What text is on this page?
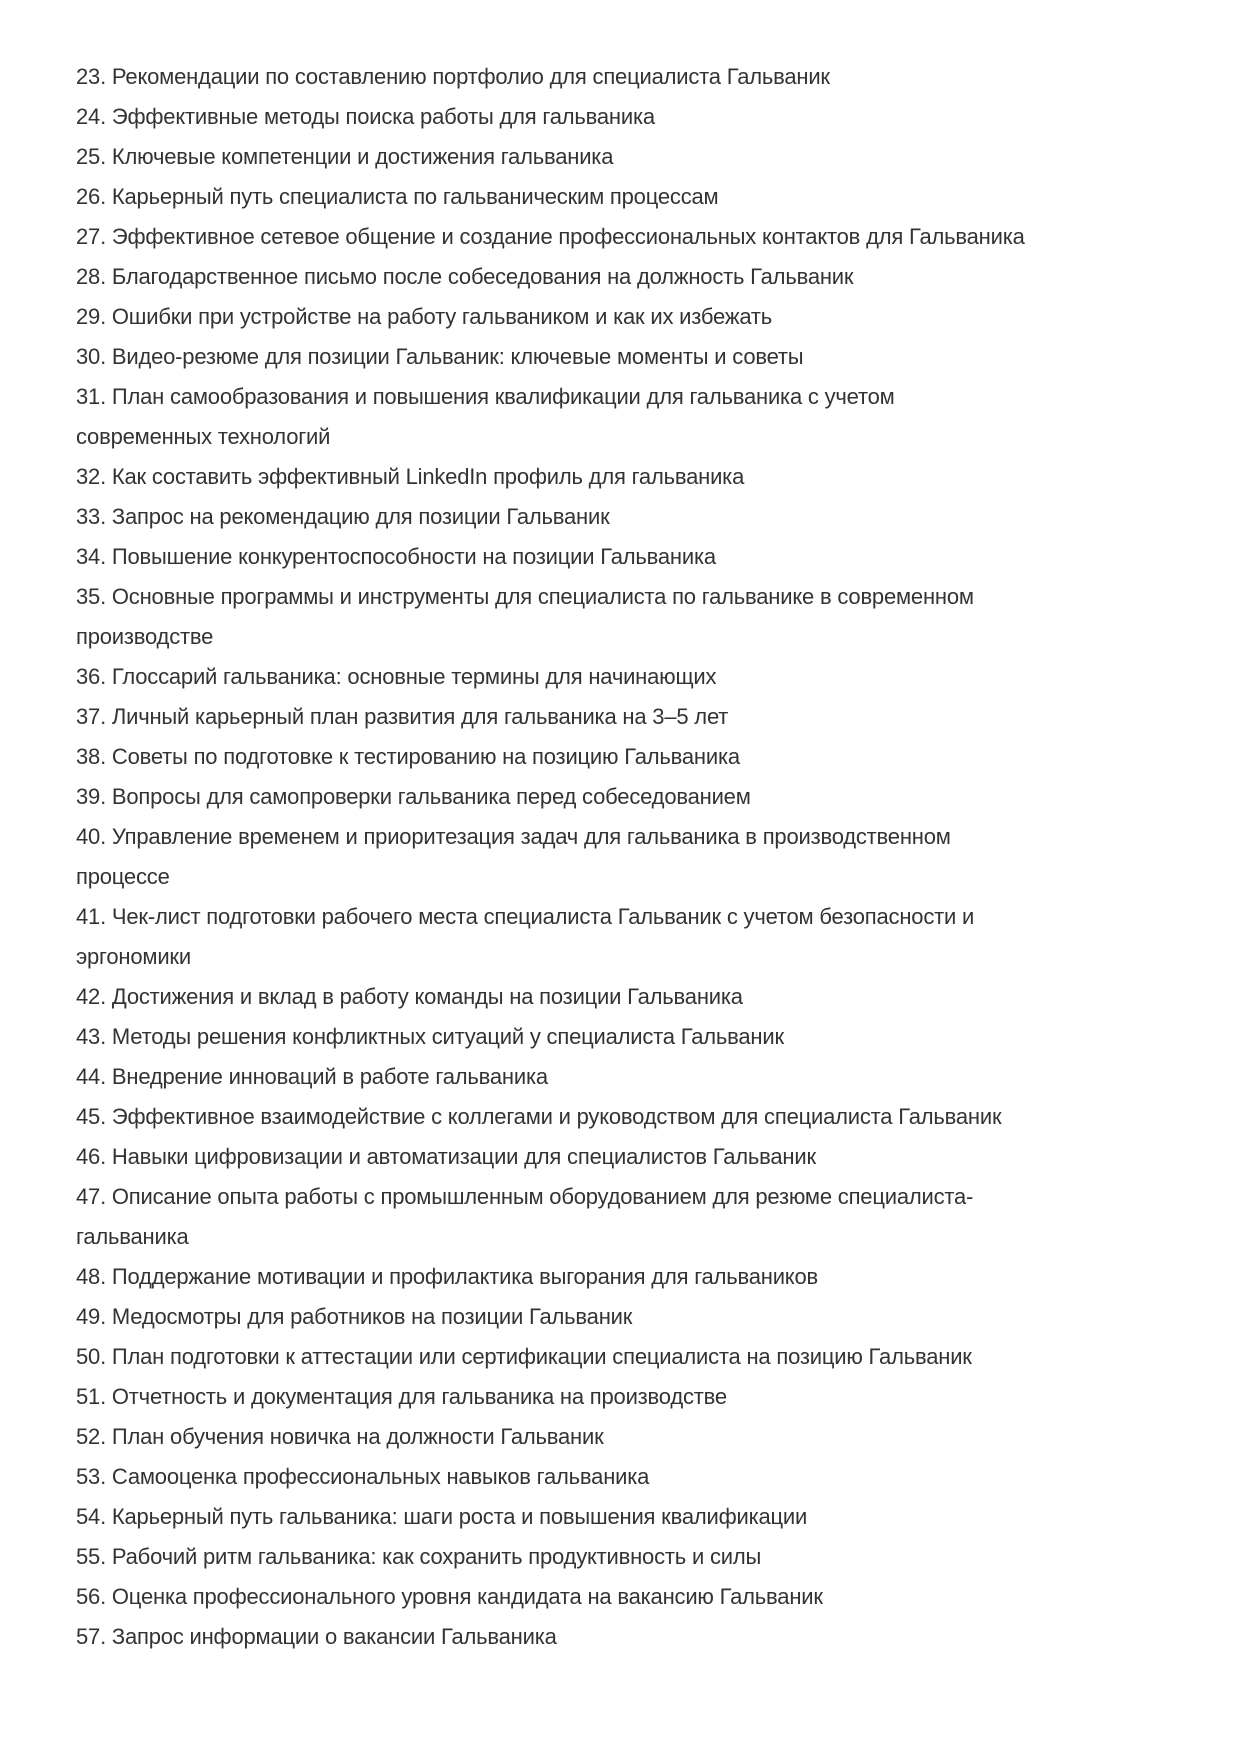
23. Рекомендации по составлению портфолио для специалиста Гальваник
24. Эффективные методы поиска работы для гальваника
25. Ключевые компетенции и достижения гальваника
26. Карьерный путь специалиста по гальваническим процессам
27. Эффективное сетевое общение и создание профессиональных контактов для Гальваника
28. Благодарственное письмо после собеседования на должность Гальваник
29. Ошибки при устройстве на работу гальваником и как их избежать
30. Видео-резюме для позиции Гальваник: ключевые моменты и советы
31. План самообразования и повышения квалификации для гальваника с учетом
современных технологий
32. Как составить эффективный LinkedIn профиль для гальваника
33. Запрос на рекомендацию для позиции Гальваник
34. Повышение конкурентоспособности на позиции Гальваника
35. Основные программы и инструменты для специалиста по гальванике в современном
производстве
36. Глоссарий гальваника: основные термины для начинающих
37. Личный карьерный план развития для гальваника на 3–5 лет
38. Советы по подготовке к тестированию на позицию Гальваника
39. Вопросы для самопроверки гальваника перед собеседованием
40. Управление временем и приоритезация задач для гальваника в производственном
процессе
41. Чек-лист подготовки рабочего места специалиста Гальваник с учетом безопасности и
эргономики
42. Достижения и вклад в работу команды на позиции Гальваника
43. Методы решения конфликтных ситуаций у специалиста Гальваник
44. Внедрение инноваций в работе гальваника
45. Эффективное взаимодействие с коллегами и руководством для специалиста Гальваник
46. Навыки цифровизации и автоматизации для специалистов Гальваник
47. Описание опыта работы с промышленным оборудованием для резюме специалиста-
гальваника
48. Поддержание мотивации и профилактика выгорания для гальваников
49. Медосмотры для работников на позиции Гальваник
50. План подготовки к аттестации или сертификации специалиста на позицию Гальваник
51. Отчетность и документация для гальваника на производстве
52. План обучения новичка на должности Гальваник
53. Самооценка профессиональных навыков гальваника
54. Карьерный путь гальваника: шаги роста и повышения квалификации
55. Рабочий ритм гальваника: как сохранить продуктивность и силы
56. Оценка профессионального уровня кандидата на вакансию Гальваник
57. Запрос информации о вакансии Гальваника
